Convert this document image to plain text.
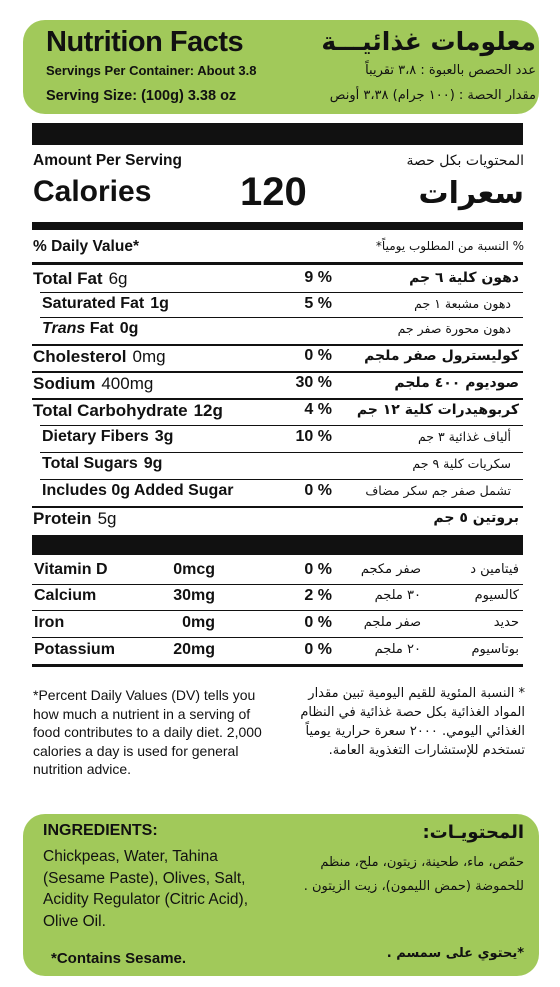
Nutrition Facts	معلومات غذائيـــة
Servings Per Container: About 3.8	عدد الحصص بالعبوة : ٣،٨ تقريباً
Serving Size: (100g) 3.38 oz	مقدار الحصة : (١٠٠ جرام) ٣،٣٨ أونص
Amount Per Serving	المحتويات بكل حصة
Calories 120	سعرات
% Daily Value*	% النسبة من المطلوب يومياً*
Total Fat 6g	9 %	دهون كلية ٦ جم
Saturated Fat 1g	5 %	دهون مشبعة ١ جم
Trans Fat 0g	دهون محورة صفر جم
Cholesterol 0mg	0 % كوليسترول صفر ملجم
Sodium 400mg	30 %	صوديوم ٤٠٠ ملجم
Total Carbohydrate 12g	4 % كربوهيدرات كلية ١٢ جم
Dietary Fibers 3g	10 %	ألياف غذائية ٣ جم
Total Sugars 9g	سكريات كلية ٩ جم
Includes 0g Added Sugar	0 %	تشمل صفر جم سكر مضاف
Protein 5g	بروتين ٥ جم
Vitamin D	0mcg	0 % صفر مكجم	فيتامين د
Calcium	30mg	2 %	٣٠ ملجم	كالسيوم
Iron	0mg	0 % صفر ملجم	حديد
Potassium	20mg	0 %	٢٠ ملجم	بوتاسيوم
*Percent Daily Values (DV) tells you how much a nutrient in a serving of food contributes to a daily diet. 2,000 calories a day is used for general nutrition advice.
* النسبة المئوية للقيم اليومية تبين مقدار المواد الغذائية بكل حصة غذائية في النظام الغذائي اليومي. ٢٠٠٠ سعرة حرارية يومياً تستخدم للإستشارات التغذوية العامة.
INGREDIENTS:
Chickpeas, Water, Tahina (Sesame Paste), Olives, Salt, Acidity Regulator (Citric Acid), Olive Oil.
*Contains Sesame.
المحتويـات:
حمّص، ماء، طحينة، زيتون، ملح، منظم للحموضة (حمض الليمون)، زيت الزيتون .
*يحتوي على سمسم .
